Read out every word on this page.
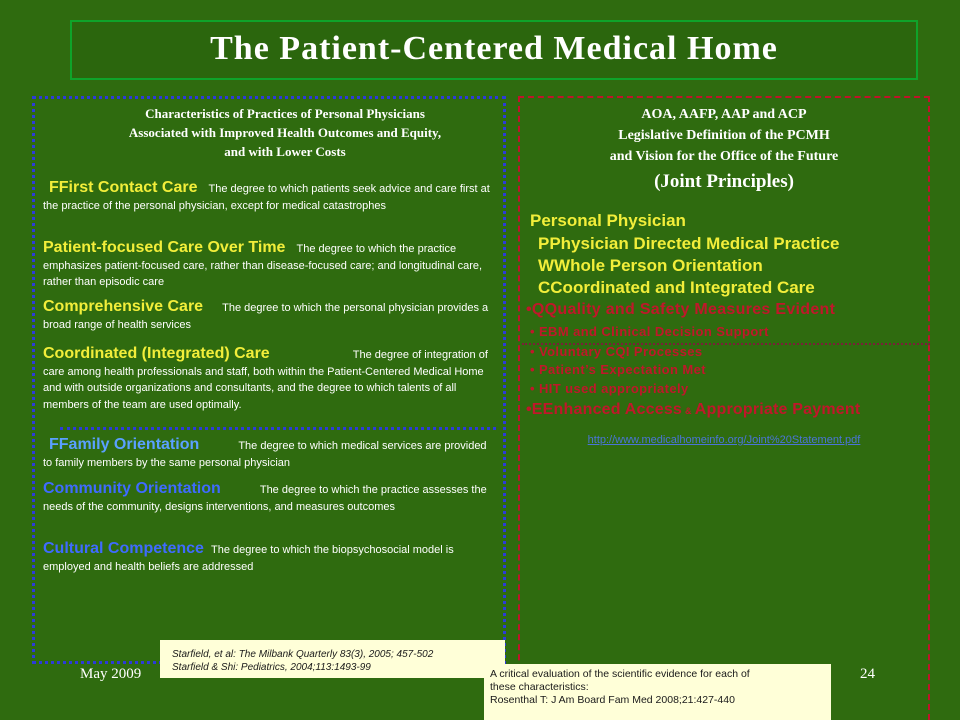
The Patient-Centered Medical Home
Characteristics of Practices of Personal Physicians
Associated with Improved Health Outcomes and Equity,
and with Lower Costs
FFirst Contact Care The degree to which patients seek advice and care first at the practice of the personal physician, except for medical catastrophes
Patient-focused Care Over Time The degree to which the practice emphasizes patient-focused care, rather than disease-focused care; and longitudinal care, rather than episodic care
Comprehensive Care The degree to which the personal physician provides a broad range of health services
Coordinated (Integrated) Care	The degree of integration of care among health professionals and staff, both within the Patient-Centered Medical Home and with outside organizations and consultants, and the degree to which talents of all members of the team are used optimally.
FFamily Orientation	The degree to which medical services are provided to family members by the same personal physician
Community Orientation	The degree to which the practice assesses the needs of the community, designs interventions, and measures outcomes
Cultural Competence The degree to which the biopsychosocial model is employed and health beliefs are addressed
Starfield, et al: The Milbank Quarterly 83(3), 2005; 457-502
Starfield & Shi: Pediatrics, 2004;113:1493-99
AOA, AAFP, AAP and ACP
Legislative Definition of the PCMH
and Vision for the Office of the Future
(Joint Principles)
Personal Physician
PPhysician Directed Medical Practice
WWhole Person Orientation
CCoordinated and Integrated Care
•QQuality and Safety Measures Evident
• EBM and Clinical Decision Support
• Voluntary CQI Processes
• Patient’s Expectation Met
• HIT used appropriately
•EEnhanced Access & Appropriate Payment
http://www.medicalhomeinfo.org/Joint%20Statement.pdf
A critical evaluation of the scientific evidence for each of
these characteristics:
Rosenthal T: J Am Board Fam Med 2008;21:427-440
May 2009	24
